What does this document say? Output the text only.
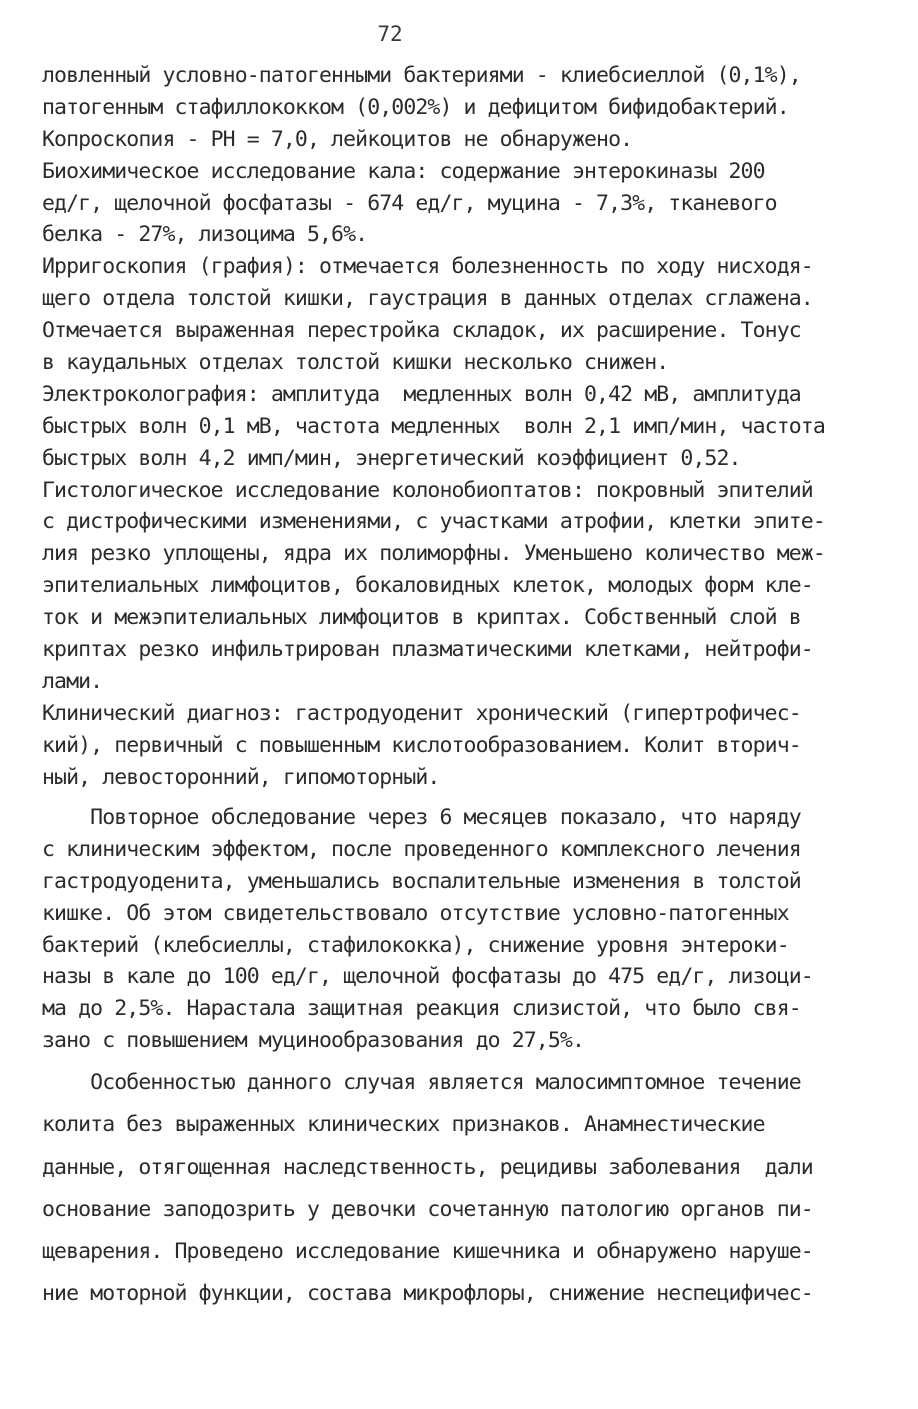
72
ловленный условно-патогенными бактериями - клиебсиеллой (0,1%),
патогенным стафиллококком (0,002%) и дефицитом бифидобактерий.
Копроскопия - PH = 7,0, лейкоцитов не обнаружено.
Биохимическое исследование кала: содержание энтерокиназы 200
ед/г, щелочной фосфатазы - 674 ед/г, муцина - 7,3%, тканевого
белка - 27%, лизоцима 5,6%.
Ирригоскопия (графия): отмечается болезненность по ходу нисходя-
щего отдела толстой кишки, гаустрация в данных отделах сглажена.
Отмечается выраженная перестройка складок, их расширение. Тонус
в каудальных отделах толстой кишки несколько снижен.
Электроколография: амплитуда  медленных волн 0,42 мВ, амплитуда
быстрых волн 0,1 мВ, частота медленных  волн 2,1 имп/мин, частота
быстрых волн 4,2 имп/мин, энергетический коэффициент 0,52.
Гистологическое исследование колонобиоптатов: покровный эпителий
с дистрофическими изменениями, с участками атрофии, клетки эпите-
лия резко уплощены, ядра их полиморфны. Уменьшено количество меж-
эпителиальных лимфоцитов, бокаловидных клеток, молодых форм кле-
ток и межэпителиальных лимфоцитов в криптах. Собственный слой в
криптах резко инфильтрирован плазматическими клетками, нейтрофи-
лами.
Клинический диагноз: гастродуоденит хронический (гипертрофичес-
кий), первичный с повышенным кислотообразованием. Колит вторич-
ный, левосторонний, гипомоторный.
Повторное обследование через 6 месяцев показало, что наряду
с клиническим эффектом, после проведенного комплексного лечения
гастродуоденита, уменьшались воспалительные изменения в толстой
кишке. Об этом свидетельствовало отсутствие условно-патогенных
бактерий (клебсиеллы, стафилококка), снижение уровня энтероки-
назы в кале до 100 ед/г, щелочной фосфатазы до 475 ед/г, лизоци-
ма до 2,5%. Нарастала защитная реакция слизистой, что было свя-
зано с повышением муцинообразования до 27,5%.
Особенностью данного случая является малосимптомное течение
колита без выраженных клинических признаков. Анамнестические
данные, отягощенная наследственность, рецидивы заболевания  дали
основание заподозрить у девочки сочетанную патологию органов пи-
щеварения. Проведено исследование кишечника и обнаружено наруше-
ние моторной функции, состава микрофлоры, снижение неспецифичес-
